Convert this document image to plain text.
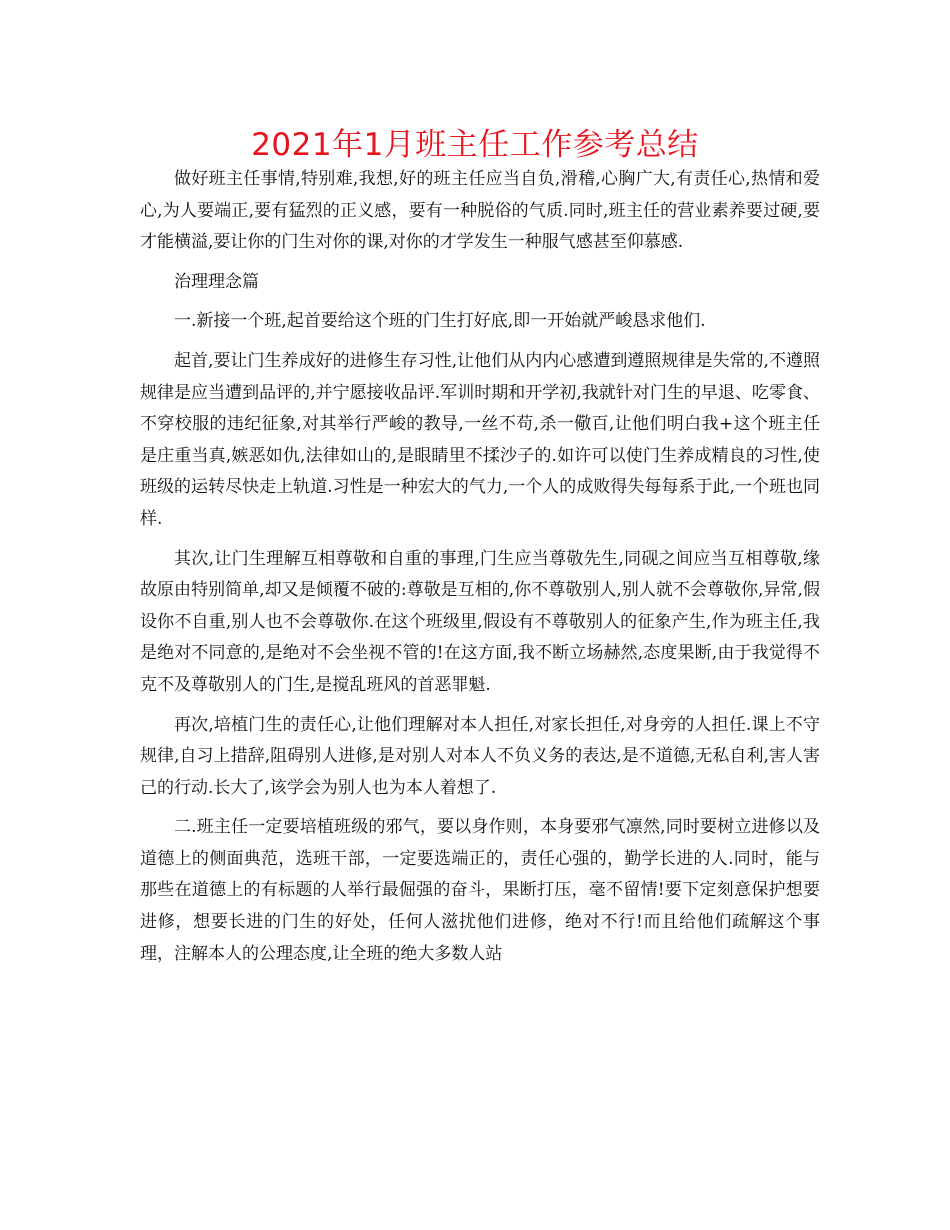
2021年1月班主任工作参考总结

做好班主任事情,特别难,我想,好的班主任应当自负,滑稽,心胸广大,有责任心,热情和爱心,为人要端正,要有猛烈的正义感，要有一种脱俗的气质.同时,班主任的营业素养要过硬,要才能横溢,要让你的门生对你的课,对你的才学发生一种服气感甚至仰慕感.

治理理念篇

一.新接一个班,起首要给这个班的门生打好底,即一开始就严峻恳求他们.

起首,要让门生养成好的进修生存习性,让他们从内内心感遭到遵照规律是失常的,不遵照规律是应当遭到品评的,并宁愿接收品评.军训时期和开学初,我就针对门生的早退、吃零食、不穿校服的违纪征象,对其举行严峻的教导,一丝不苟,杀一儆百,让他们明白我+这个班主任是庄重当真,嫉恶如仇,法律如山的,是眼睛里不揉沙子的.如许可以使门生养成精良的习性,使班级的运转尽快走上轨道.习性是一种宏大的气力,一个人的成败得失每每系于此,一个班也同样.

其次,让门生理解互相尊敬和自重的事理,门生应当尊敬先生,同砚之间应当互相尊敬,缘故原由特别简单,却又是倾覆不破的:尊敬是互相的,你不尊敬别人,别人就不会尊敬你,异常,假设你不自重,别人也不会尊敬你.在这个班级里,假设有不尊敬别人的征象产生,作为班主任,我是绝对不同意的,是绝对不会坐视不管的!在这方面,我不断立场赫然,态度果断,由于我觉得不克不及尊敬别人的门生,是搅乱班风的首恶罪魁.

再次,培植门生的责任心,让他们理解对本人担任,对家长担任,对身旁的人担任.课上不守规律,自习上措辞,阻碍别人进修,是对别人对本人不负义务的表达,是不道德,无私自利,害人害己的行动.长大了,该学会为别人也为本人着想了.

二.班主任一定要培植班级的邪气，要以身作则，本身要邪气凛然,同时要树立进修以及道德上的侧面典范，选班干部，一定要选端正的，责任心强的，勤学长进的人.同时，能与那些在道德上的有标题的人举行最倔强的奋斗，果断打压，毫不留情!要下定刻意保护想要进修，想要长进的门生的好处，任何人滋扰他们进修，绝对不行!而且给他们疏解这个事理，注解本人的公理态度,让全班的绝大多数人站
